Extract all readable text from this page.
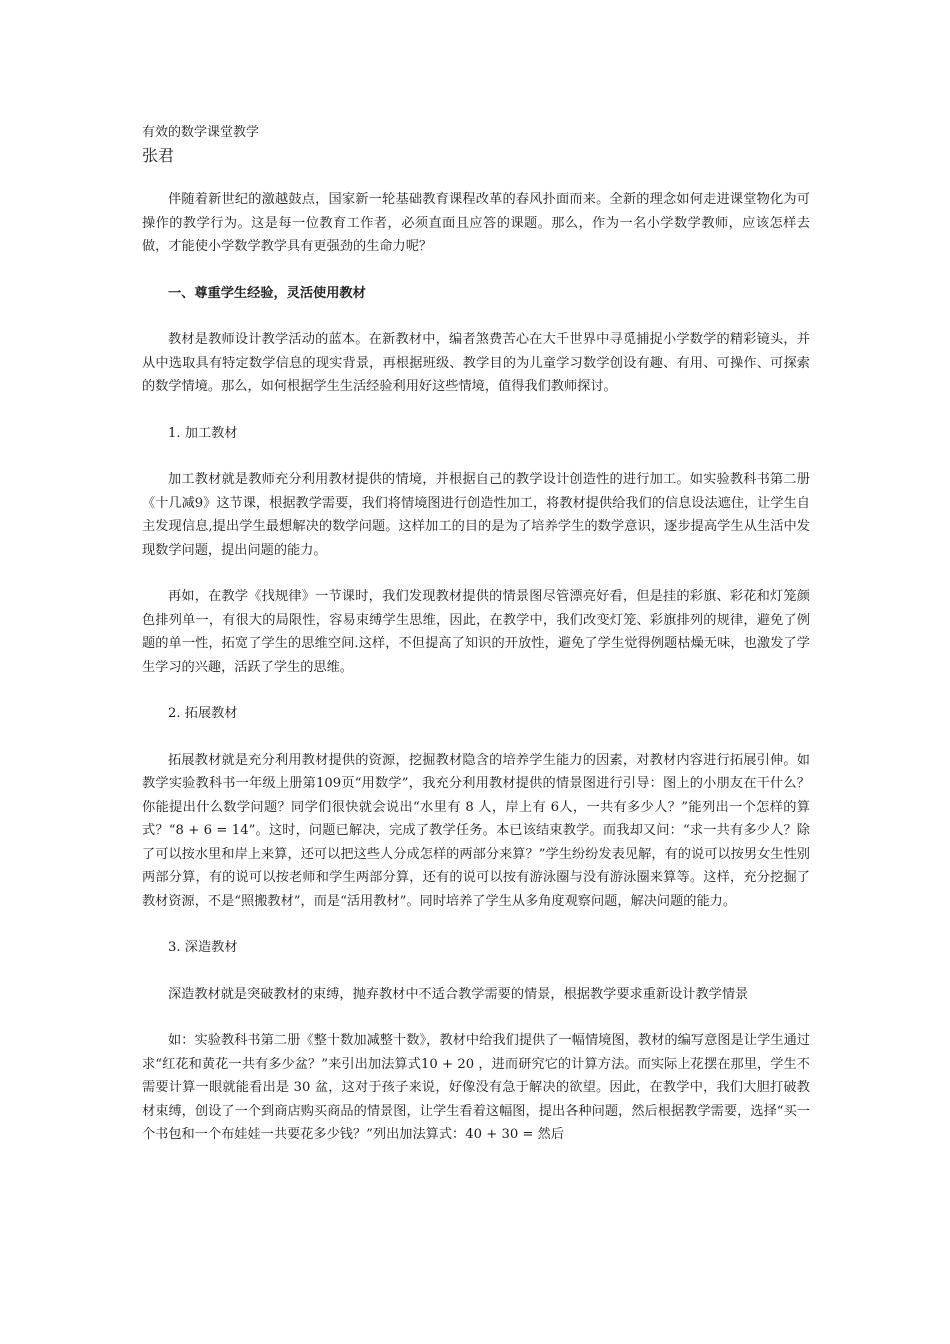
有效的数学课堂教学
张君

伴随着新世纪的激越鼓点，国家新一轮基础教育课程改革的春风扑面而来。全新的理念如何走进课堂物化为可操作的教学行为。这是每一位教育工作者，必须直面且应答的课题。那么，作为一名小学数学教师，应该怎样去做，才能使小学数学教学具有更强劲的生命力呢？

一、尊重学生经验，灵活使用教材

教材是教师设计教学活动的蓝本。在新教材中，编者煞费苦心在大千世界中寻觅捕捉小学数学的精彩镜头，并从中选取具有特定数学信息的现实背景，再根据班级、教学目的为儿童学习数学创设有趣、有用、可操作、可探索的数学情境。那么，如何根据学生生活经验利用好这些情境，值得我们教师探讨。

1. 加工教材

加工教材就是教师充分利用教材提供的情境，并根据自己的教学设计创造性的进行加工。如实验教科书第二册《十几减9》这节课，根据教学需要，我们将情境图进行创造性加工，将教材提供给我们的信息设法遮住，让学生自主发现信息,提出学生最想解决的数学问题。这样加工的目的是为了培养学生的数学意识，逐步提高学生从生活中发现数学问题，提出问题的能力。

再如，在教学《找规律》一节课时，我们发现教材提供的情景图尽管漂亮好看，但是挂的彩旗、彩花和灯笼颜色排列单一，有很大的局限性，容易束缚学生思维，因此，在教学中，我们改变灯笼、彩旗排列的规律，避免了例题的单一性，拓宽了学生的思维空间.这样，不但提高了知识的开放性，避免了学生觉得例题枯燥无味，也激发了学生学习的兴趣，活跃了学生的思维。

2. 拓展教材

拓展教材就是充分利用教材提供的资源，挖掘教材隐含的培养学生能力的因素，对教材内容进行拓展引伸。如教学实验教科书一年级上册第109页“用数学”，我充分利用教材提供的情景图进行引导：图上的小朋友在干什么？你能提出什么数学问题？同学们很快就会说出“水里有 8 人，岸上有 6人，一共有多少人？”能列出一个怎样的算式？“8 + 6 = 14”。这时，问题已解决，完成了教学任务。本已该结束教学。而我却又问：“求一共有多少人？除了可以按水里和岸上来算，还可以把这些人分成怎样的两部分来算？”学生纷纷发表见解，有的说可以按男女生性别两部分算，有的说可以按老师和学生两部分算，还有的说可以按有游泳圈与没有游泳圈来算等。这样，充分挖掘了教材资源，不是“照搬教材”，而是“活用教材”。同时培养了学生从多角度观察问题，解决问题的能力。

3. 深造教材

深造教材就是突破教材的束缚，抛弃教材中不适合教学需要的情景，根据教学要求重新设计教学情景

如：实验教科书第二册《整十数加减整十数》，教材中给我们提供了一幅情境图，教材的编写意图是让学生通过求“红花和黄花一共有多少盆？”来引出加法算式10 + 20 ，进而研究它的计算方法。而实际上花摆在那里，学生不需要计算一眼就能看出是 30 盆，这对于孩子来说，好像没有急于解决的欲望。因此，在教学中，我们大胆打破教材束缚，创设了一个到商店购买商品的情景图，让学生看着这幅图，提出各种问题，然后根据教学需要，选择“买一个书包和一个布娃娃一共要花多少钱？”列出加法算式：40 + 30 = 然后
